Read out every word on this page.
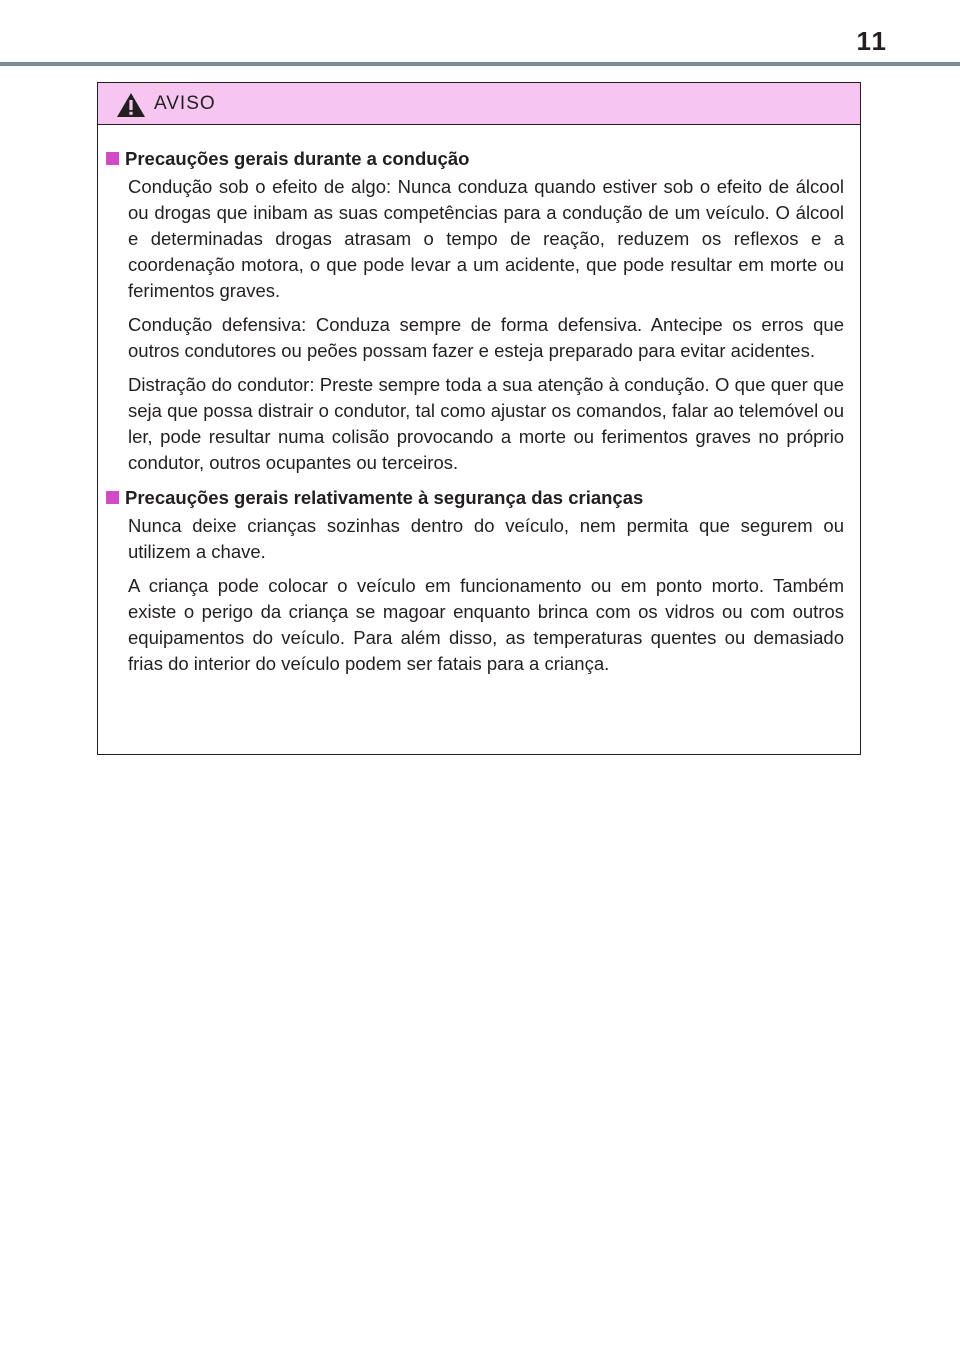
11
AVISO
Precauções gerais durante a condução

Condução sob o efeito de algo: Nunca conduza quando estiver sob o efeito de álcool ou drogas que inibam as suas competências para a condução de um veículo. O álcool e determinadas drogas atrasam o tempo de reação, reduzem os reflexos e a coordenação motora, o que pode levar a um acidente, que pode resultar em morte ou ferimentos graves.

Condução defensiva: Conduza sempre de forma defensiva. Antecipe os erros que outros condutores ou peões possam fazer e esteja preparado para evitar acidentes.

Distração do condutor: Preste sempre toda a sua atenção à condução. O que quer que seja que possa distrair o condutor, tal como ajustar os comandos, falar ao telemóvel ou ler, pode resultar numa colisão provocando a morte ou ferimentos graves no próprio condutor, outros ocupantes ou terceiros.

Precauções gerais relativamente à segurança das crianças

Nunca deixe crianças sozinhas dentro do veículo, nem permita que segurem ou utilizem a chave.

A criança pode colocar o veículo em funcionamento ou em ponto morto. Também existe o perigo da criança se magoar enquanto brinca com os vidros ou com outros equipamentos do veículo. Para além disso, as temperaturas quentes ou demasiado frias do interior do veículo podem ser fatais para a criança.
